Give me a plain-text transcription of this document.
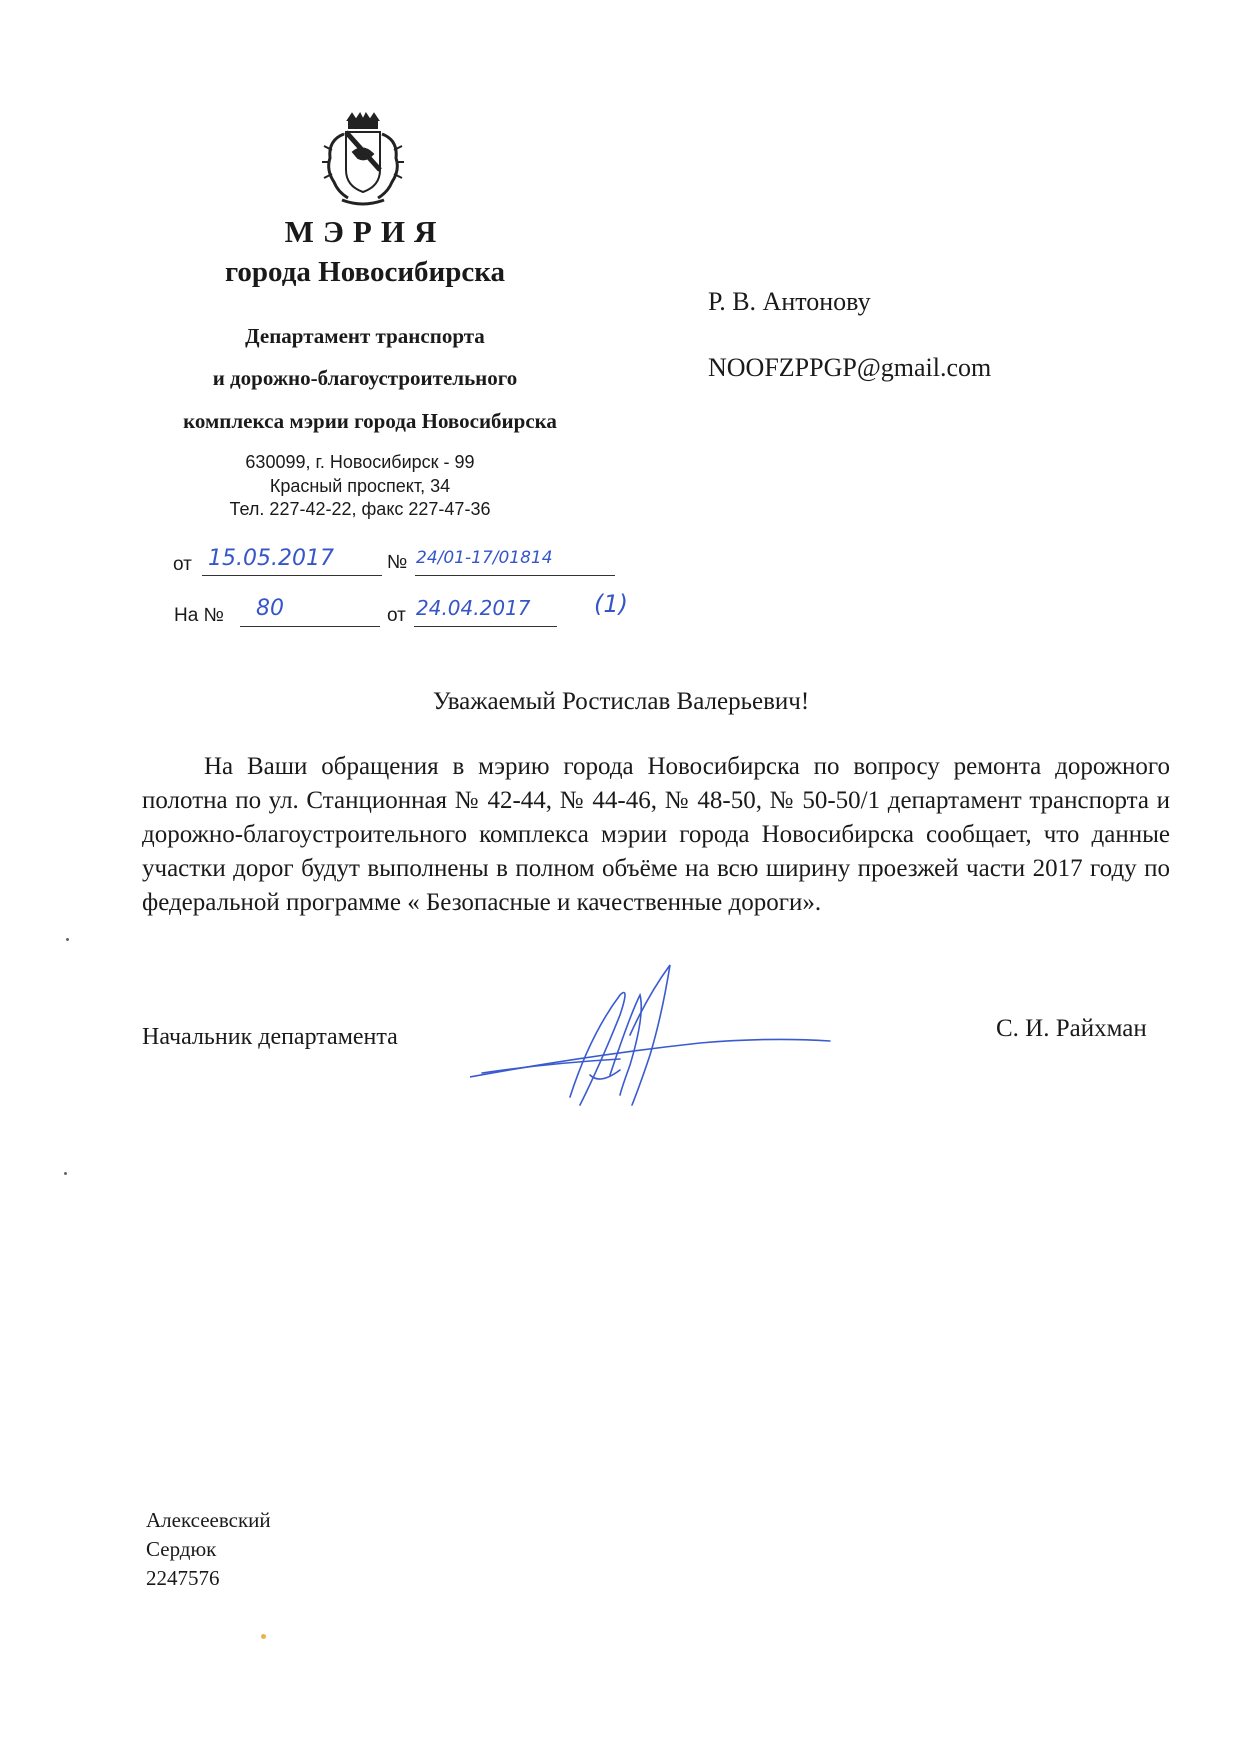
МЭРИЯ
города Новосибирска
Департамент транспорта
и дорожно-благоустроительного
комплекса мэрии города Новосибирска
630099, г. Новосибирск - 99
Красный проспект, 34
Тел. 227-42-22, факс 227-47-36
от 15.05.2017	№ 24/01-17/01814
На № 80	от 24.04.2017	(1)
Р. В. Антонову
NOOFZPPGP@gmail.com
Уважаемый Ростислав Валерьевич!
На Ваши обращения в мэрию города Новосибирска по вопросу ремонта дорожного полотна по ул. Станционная № 42-44, № 44-46, № 48-50, № 50-50/1 департамент транспорта и дорожно-благоустроительного комплекса мэрии города Новосибирска сообщает, что данные участки дорог будут выполнены в полном объёме на всю ширину проезжей части 2017 году по федеральной программе « Безопасные и качественные дороги».
Начальник департамента	С. И. Райхман
Алексеевский
Сердюк
2247576
